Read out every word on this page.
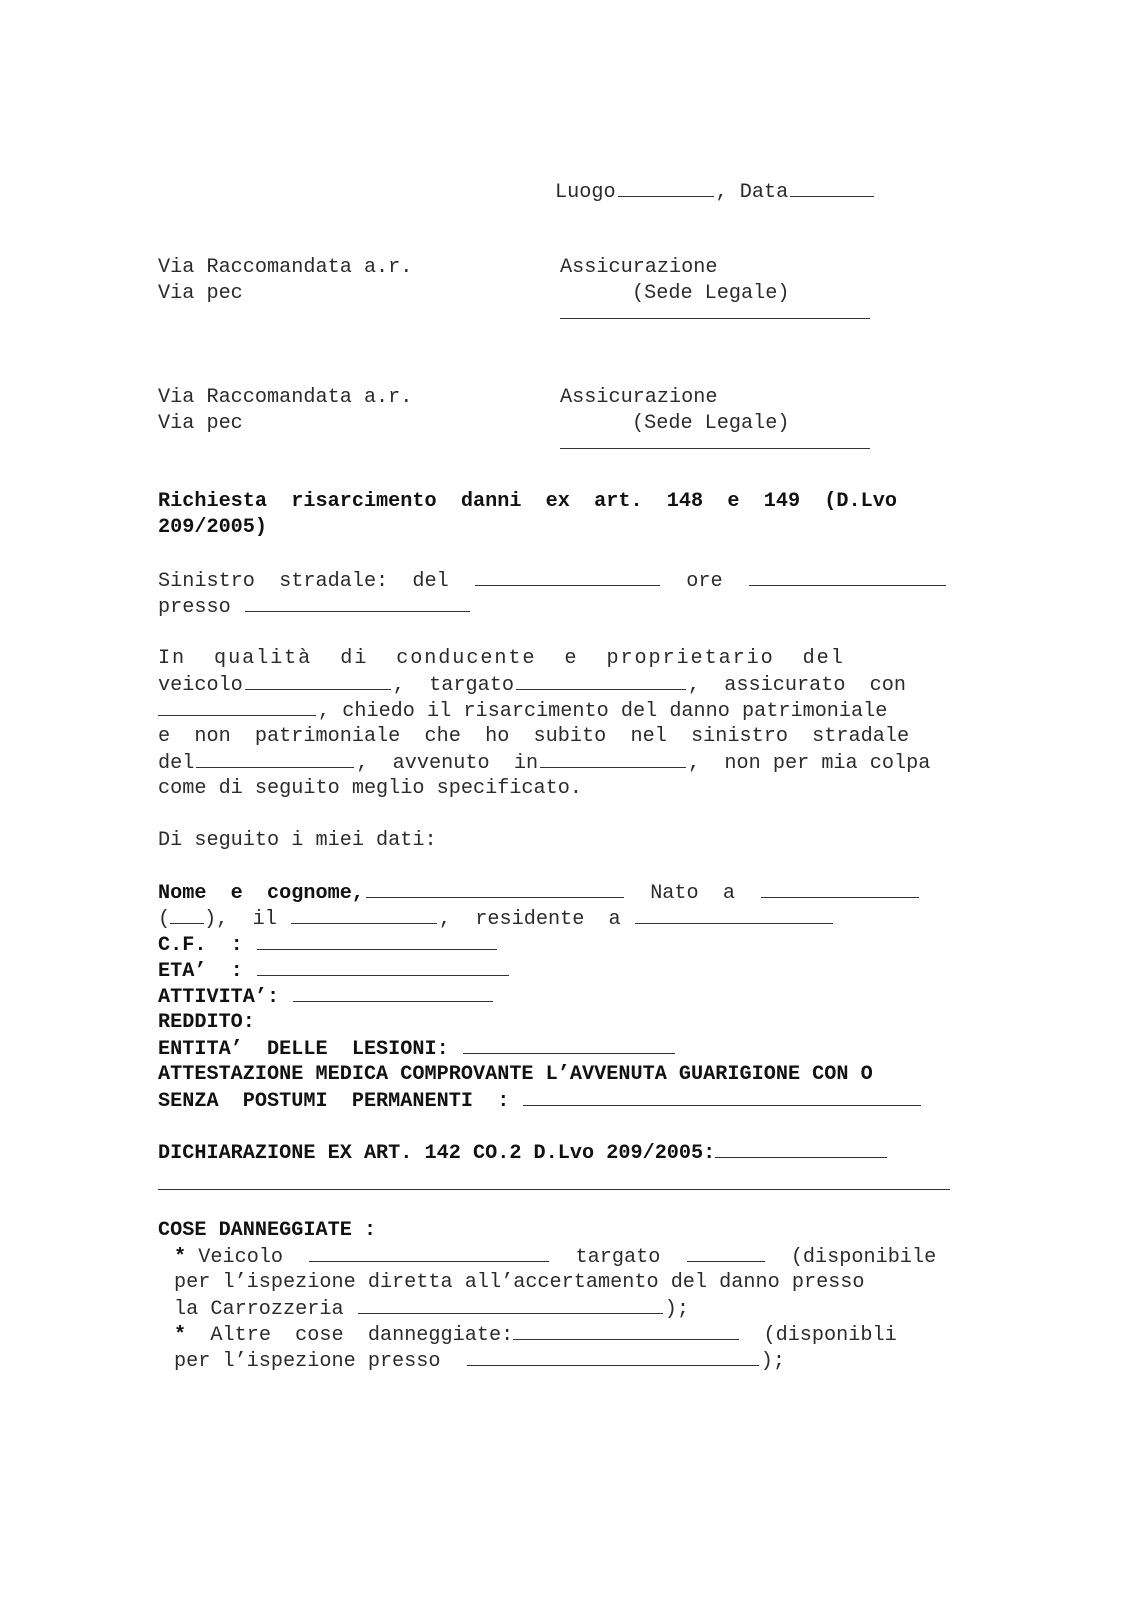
Luogo	, Data
Via Raccomandata a.r.
Via pec
Assicurazione
(Sede Legale)
Via Raccomandata a.r.
Via pec
Assicurazione
(Sede Legale)
Richiesta  risarcimento  danni  ex  art.  148  e  149  (D.Lvo
209/2005)
Sinistro  stradale:  del	ore
presso
In  qualità  di  conducente  e  proprietario  del
veicolo	,  targato	,  assicurato  con
, chiedo il risarcimento del danno patrimoniale
e  non  patrimoniale  che  ho  subito  nel  sinistro  stradale
del	,  avvenuto  in	,  non per mia colpa
come di seguito meglio specificato.
Di seguito i miei dati:
Nome  e  cognome,	Nato  a
( ),  il	,  residente  a
C.F.  :
ETA’  :
ATTIVITA’:
REDDITO:
ENTITA’  DELLE  LESIONI:
ATTESTAZIONE MEDICA COMPROVANTE L’AVVENUTA GUARIGIONE CON O
SENZA  POSTUMI  PERMANENTI  :
DICHIARAZIONE EX ART. 142 CO.2 D.Lvo 209/2005:
COSE DANNEGGIATE :
* Veicolo	targato	(disponibile
per l’ispezione diretta all’accertamento del danno presso
la Carrozzeria	);
* Altre  cose  danneggiate:	(disponibli
per l’ispezione presso	);
